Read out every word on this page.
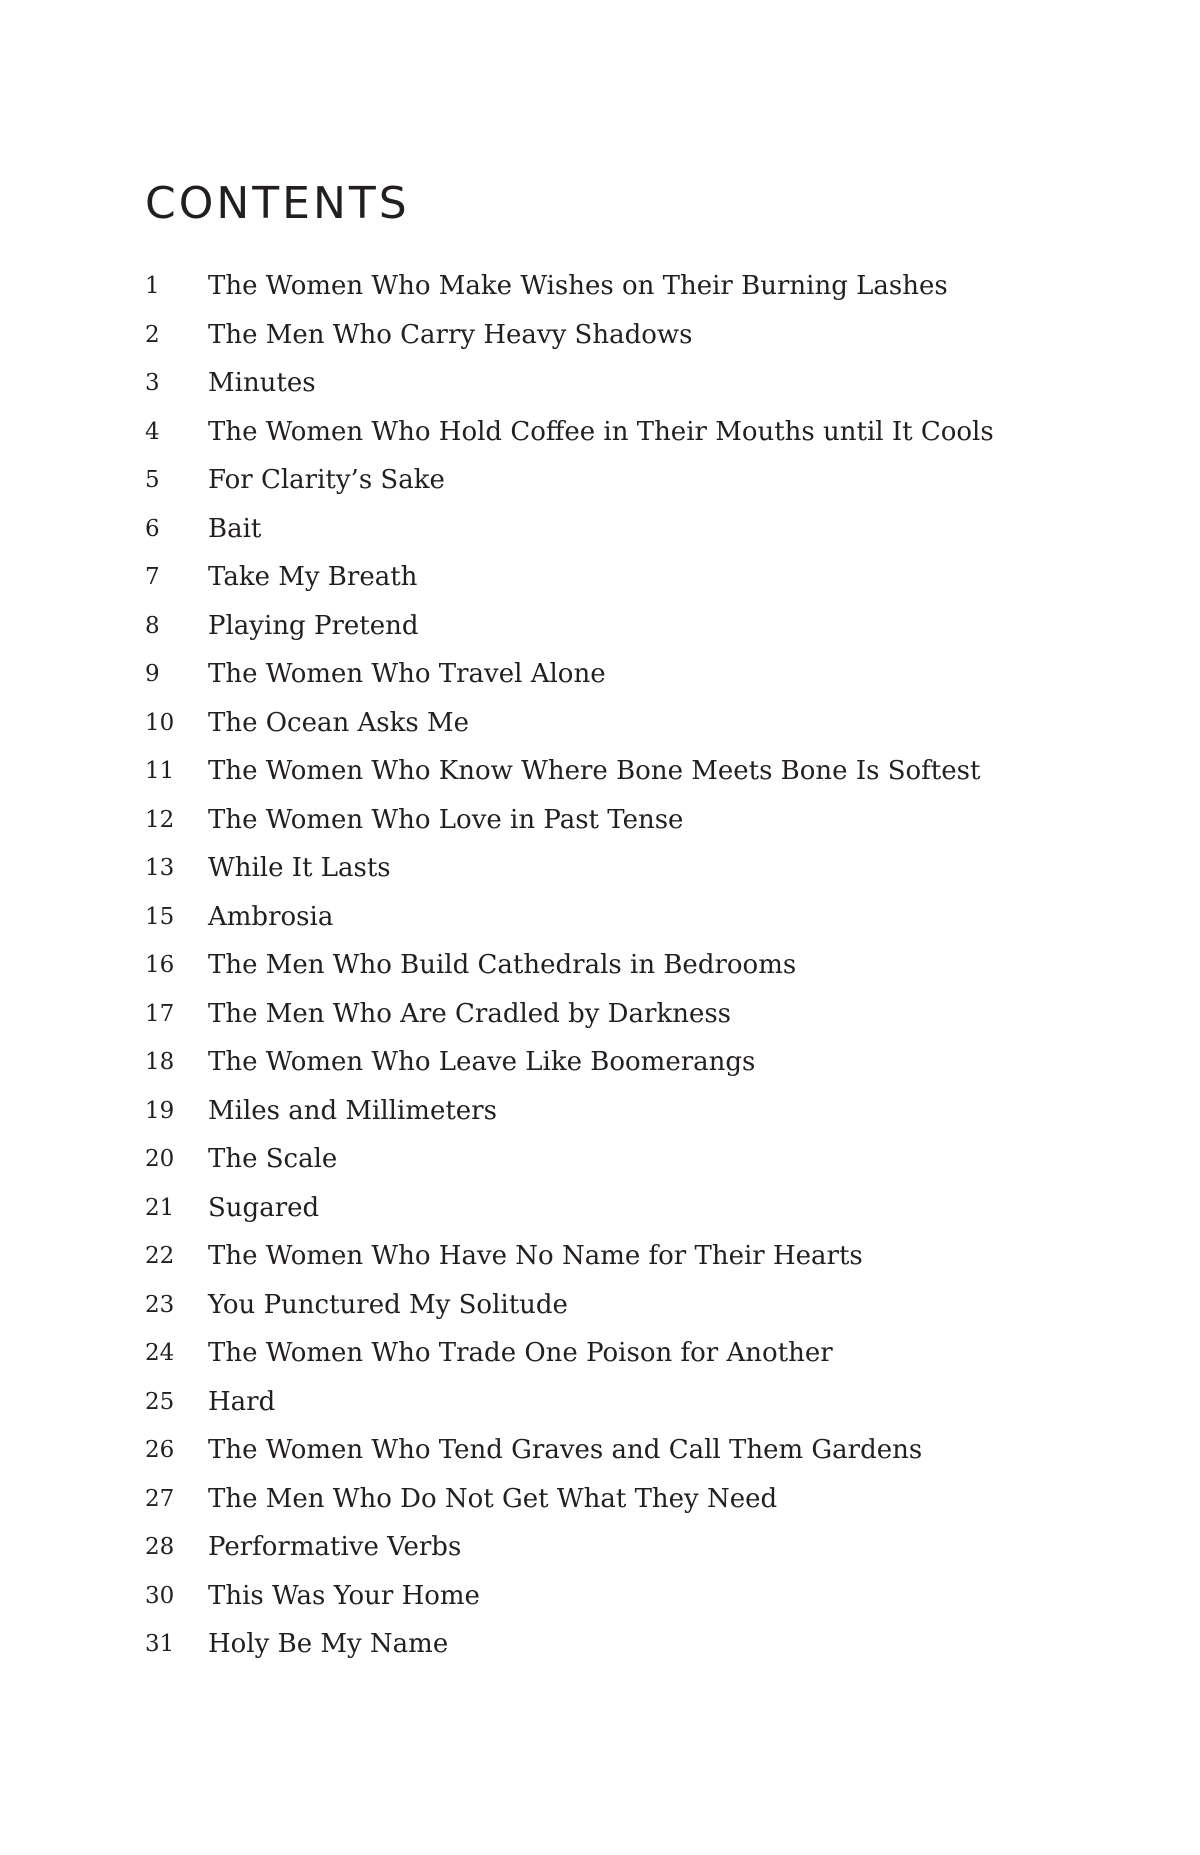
CONTENTS
1	The Women Who Make Wishes on Their Burning Lashes
2	The Men Who Carry Heavy Shadows
3	Minutes
4	The Women Who Hold Coffee in Their Mouths until It Cools
5	For Clarity’s Sake
6	Bait
7	Take My Breath
8	Playing Pretend
9	The Women Who Travel Alone
10	The Ocean Asks Me
11	The Women Who Know Where Bone Meets Bone Is Softest
12	The Women Who Love in Past Tense
13	While It Lasts
15	Ambrosia
16	The Men Who Build Cathedrals in Bedrooms
17	The Men Who Are Cradled by Darkness
18	The Women Who Leave Like Boomerangs
19	Miles and Millimeters
20	The Scale
21	Sugared
22	The Women Who Have No Name for Their Hearts
23	You Punctured My Solitude
24	The Women Who Trade One Poison for Another
25	Hard
26	The Women Who Tend Graves and Call Them Gardens
27	The Men Who Do Not Get What They Need
28	Performative Verbs
30	This Was Your Home
31	Holy Be My Name
